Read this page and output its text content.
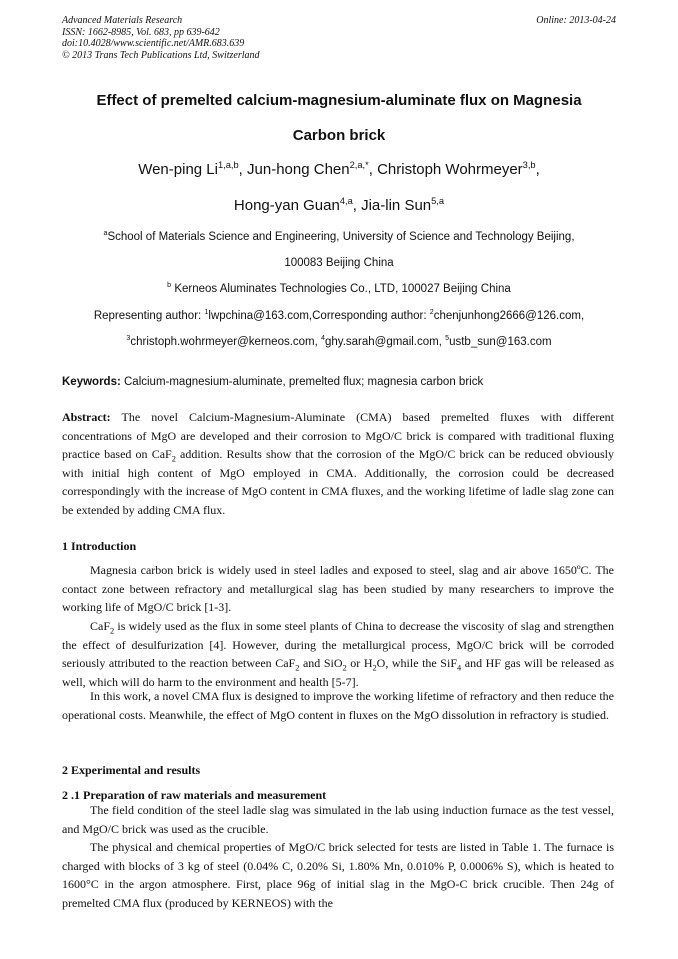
Advanced Materials Research
ISSN: 1662-8985, Vol. 683, pp 639-642
doi:10.4028/www.scientific.net/AMR.683.639
© 2013 Trans Tech Publications Ltd, Switzerland
Online: 2013-04-24
Effect of premelted calcium-magnesium-aluminate flux on Magnesia
Carbon brick
Wen-ping Li$^{1,a,b}$, Jun-hong Chen$^{2,a,*}$, Christoph Wohrmeyer$^{3,b}$,
Hong-yan Guan$^{4,a}$, Jia-lin Sun$^{5,a}$
$^a$School of Materials Science and Engineering, University of Science and Technology Beijing,
100083 Beijing China
$^b$ Kerneos Aluminates Technologies Co., LTD, 100027 Beijing China
Representing author: $^1$lwpchina@163.com,Corresponding author: $^2$chenjunhong2666@126.com,
$^3$christoph.wohrmeyer@kerneos.com, $^4$ghy.sarah@gmail.com, $^5$ustb_sun@163.com
Keywords: Calcium-magnesium-aluminate, premelted flux; magnesia carbon brick
Abstract: The novel Calcium-Magnesium-Aluminate (CMA) based premelted fluxes with different concentrations of MgO are developed and their corrosion to MgO/C brick is compared with traditional fluxing practice based on CaF$_2$ addition. Results show that the corrosion of the MgO/C brick can be reduced obviously with initial high content of MgO employed in CMA. Additionally, the corrosion could be decreased correspondingly with the increase of MgO content in CMA fluxes, and the working lifetime of ladle slag zone can be extended by adding CMA flux.
1 Introduction
Magnesia carbon brick is widely used in steel ladles and exposed to steel, slag and air above 1650ºC. The contact zone between refractory and metallurgical slag has been studied by many researchers to improve the working life of MgO/C brick [1-3].
CaF$_2$ is widely used as the flux in some steel plants of China to decrease the viscosity of slag and strengthen the effect of desulfurization [4]. However, during the metallurgical process, MgO/C brick will be corroded seriously attributed to the reaction between CaF$_2$ and SiO$_2$ or $H_2O$, while the SiF$_4$ and HF gas will be released as well, which will do harm to the environment and health [5-7].
In this work, a novel CMA flux is designed to improve the working lifetime of refractory and then reduce the operational costs. Meanwhile, the effect of MgO content in fluxes on the MgO dissolution in refractory is studied.
2 Experimental and results
2 .1 Preparation of raw materials and measurement
The field condition of the steel ladle slag was simulated in the lab using induction furnace as the test vessel, and MgO/C brick was used as the crucible.
The physical and chemical properties of MgO/C brick selected for tests are listed in Table 1. The furnace is charged with blocks of 3 kg of steel (0.04% C, 0.20% Si, 1.80% Mn, 0.010% P, 0.0006% S), which is heated to 1600°C in the argon atmosphere. First, place 96g of initial slag in the MgO-C brick crucible. Then 24g of premelted CMA flux (produced by KERNEOS) with the
